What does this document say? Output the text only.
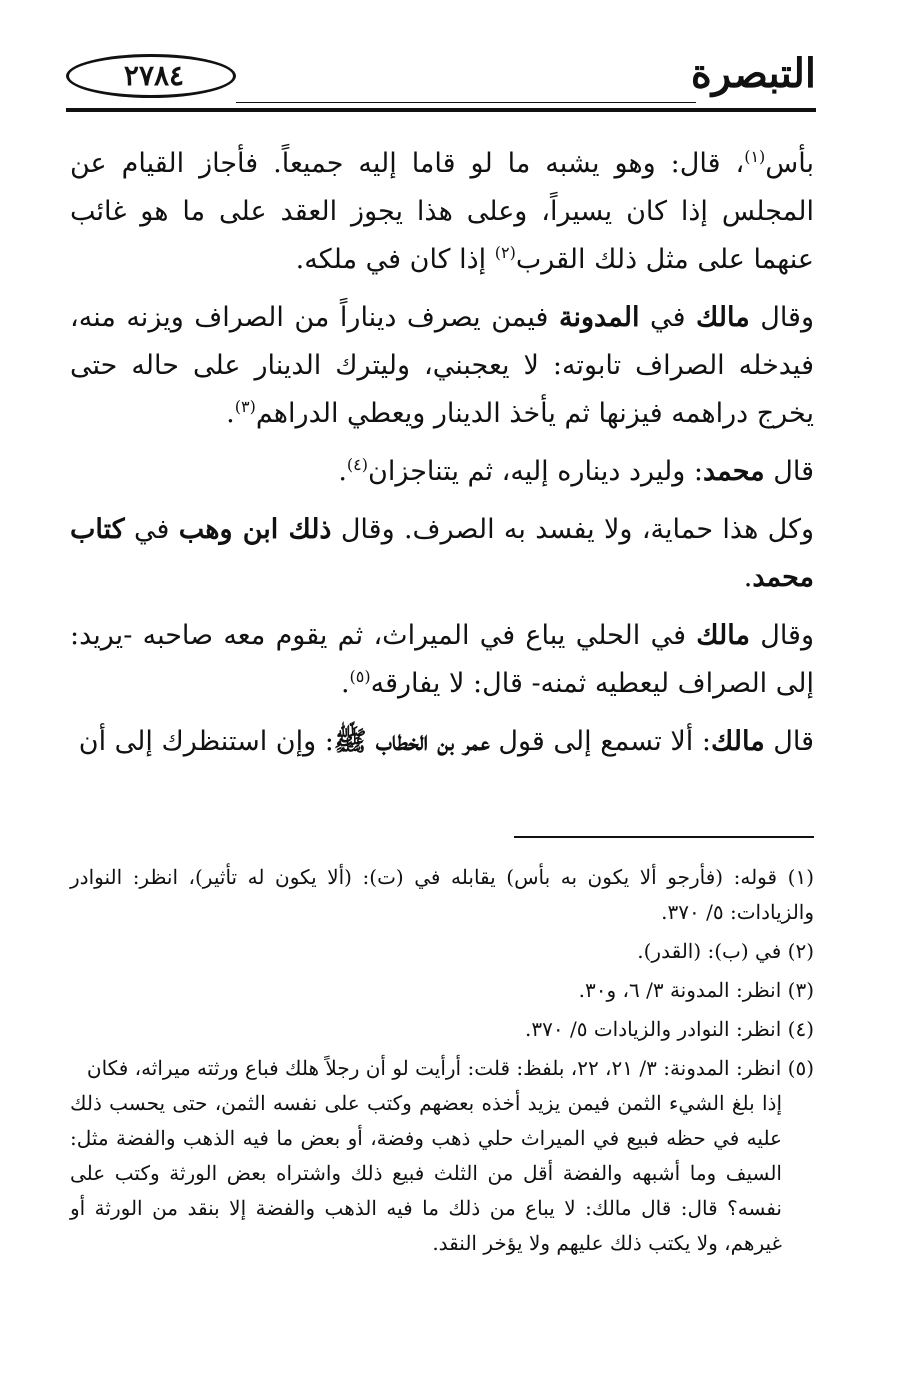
٢٧٨٤	التبصرة

بأس$^{(١)}$، قال: وهو يشبه ما لو قاما إليه جميعاً. فأجاز القيام عن المجلس إذا كان يسيراً، وعلى هذا يجوز العقد على ما هو غائب عنهما على مثل ذلك القرب$^{(٢)}$ إذا كان في ملكه.

وقال مالك في المدونة فيمن يصرف ديناراً من الصراف ويزنه منه، فيدخله الصراف تابوته: لا يعجبني، وليترك الدينار على حاله حتى يخرج دراهمه فيزنها ثم يأخذ الدينار ويعطي الدراهم$^{(٣)}$.

قال محمد: وليرد ديناره إليه، ثم يتناجزان$^{(٤)}$.

وكل هذا حماية، ولا يفسد به الصرف. وقال ذلك ابن وهب في كتاب محمد.

وقال مالك في الحلي يباع في الميراث، ثم يقوم معه صاحبه -يريد: إلى الصراف ليعطيه ثمنه- قال: لا يفارقه$^{(٥)}$.

قال مالك: ألا تسمع إلى قول عمر بن الخطاب ﷺ: وإن استنظرك إلى أن

(١) قوله: (فأرجو ألا يكون به بأس) يقابله في (ت): (ألا يكون له تأثير)، انظر: النوادر والزيادات: ٥/ ٣٧٠.

(٢) في (ب): (القدر).

(٣) انظر: المدونة ٣/ ٦، و٣٠.

(٤) انظر: النوادر والزيادات ٥/ ٣٧٠.

(٥) انظر: المدونة: ٣/ ٢١، ٢٢، بلفظ: قلت: أرأيت لو أن رجلاً هلك فباع ورثته ميراثه، فكان
إذا بلغ الشيء الثمن فيمن يزيد أخذه بعضهم وكتب على نفسه الثمن، حتى يحسب ذلك عليه في حظه فبيع في الميراث حلي ذهب وفضة، أو بعض ما فيه الذهب والفضة مثل: السيف وما أشبهه والفضة أقل من الثلث فبيع ذلك واشتراه بعض الورثة وكتب على نفسه؟ قال: قال مالك: لا يباع من ذلك ما فيه الذهب والفضة إلا بنقد من الورثة أو غيرهم، ولا يكتب ذلك عليهم ولا يؤخر النقد.
